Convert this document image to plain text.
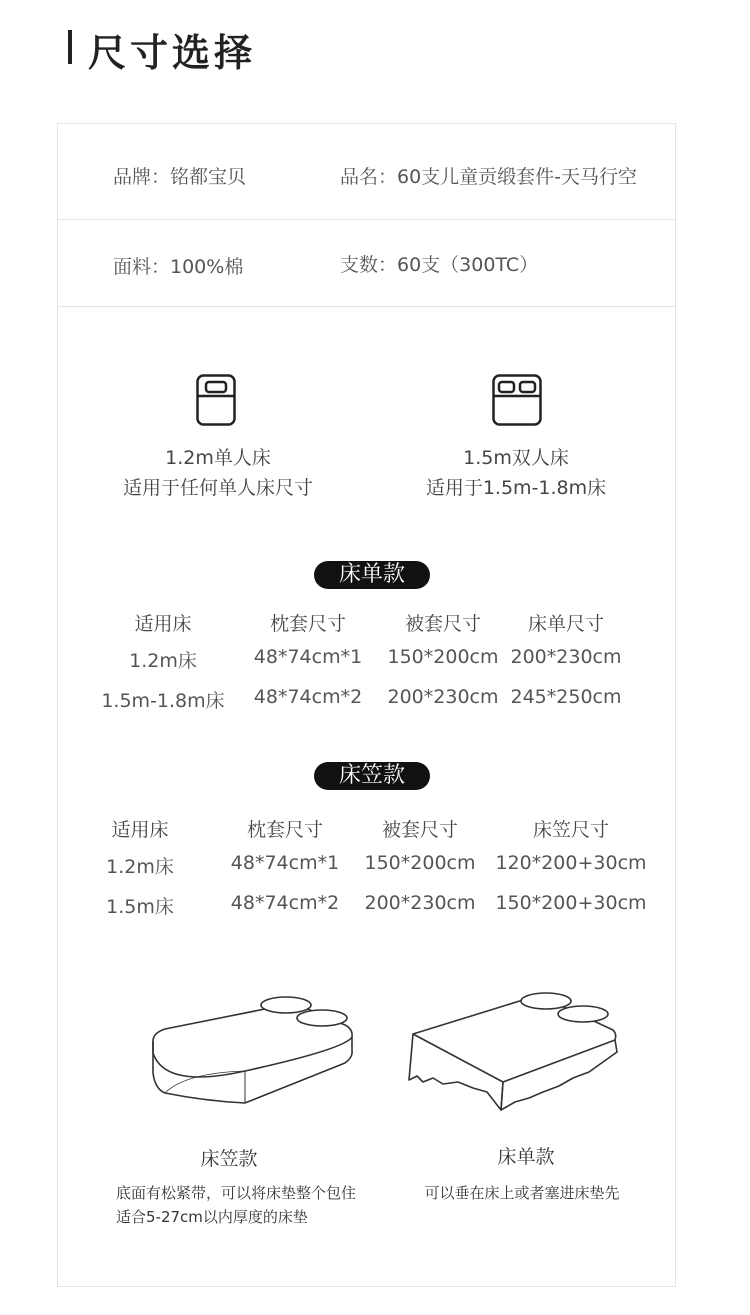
尺寸选择
品牌：铭都宝贝	品名：60支儿童贡缎套件-天马行空
面料：100%棉	支数：60支（300TC）
1.2m单人床
适用于任何单人床尺寸
1.5m双人床
适用于1.5m-1.8m床
床单款
适用床	枕套尺寸	被套尺寸 床单尺寸
1.2m床	48*74cm*1 150*200cm 200*230cm
1.5m-1.8m床 48*74cm*2 200*230cm 245*250cm
床笠款
适用床	枕套尺寸	被套尺寸	床笠尺寸
1.2m床	48*74cm*1 150*200cm 120*200+30cm
1.5m床	48*74cm*2 200*230cm 150*200+30cm
床笠款	床单款
底面有松紧带，可以将床垫整个包住
适合5-27cm以内厚度的床垫
可以垂在床上或者塞进床垫先
